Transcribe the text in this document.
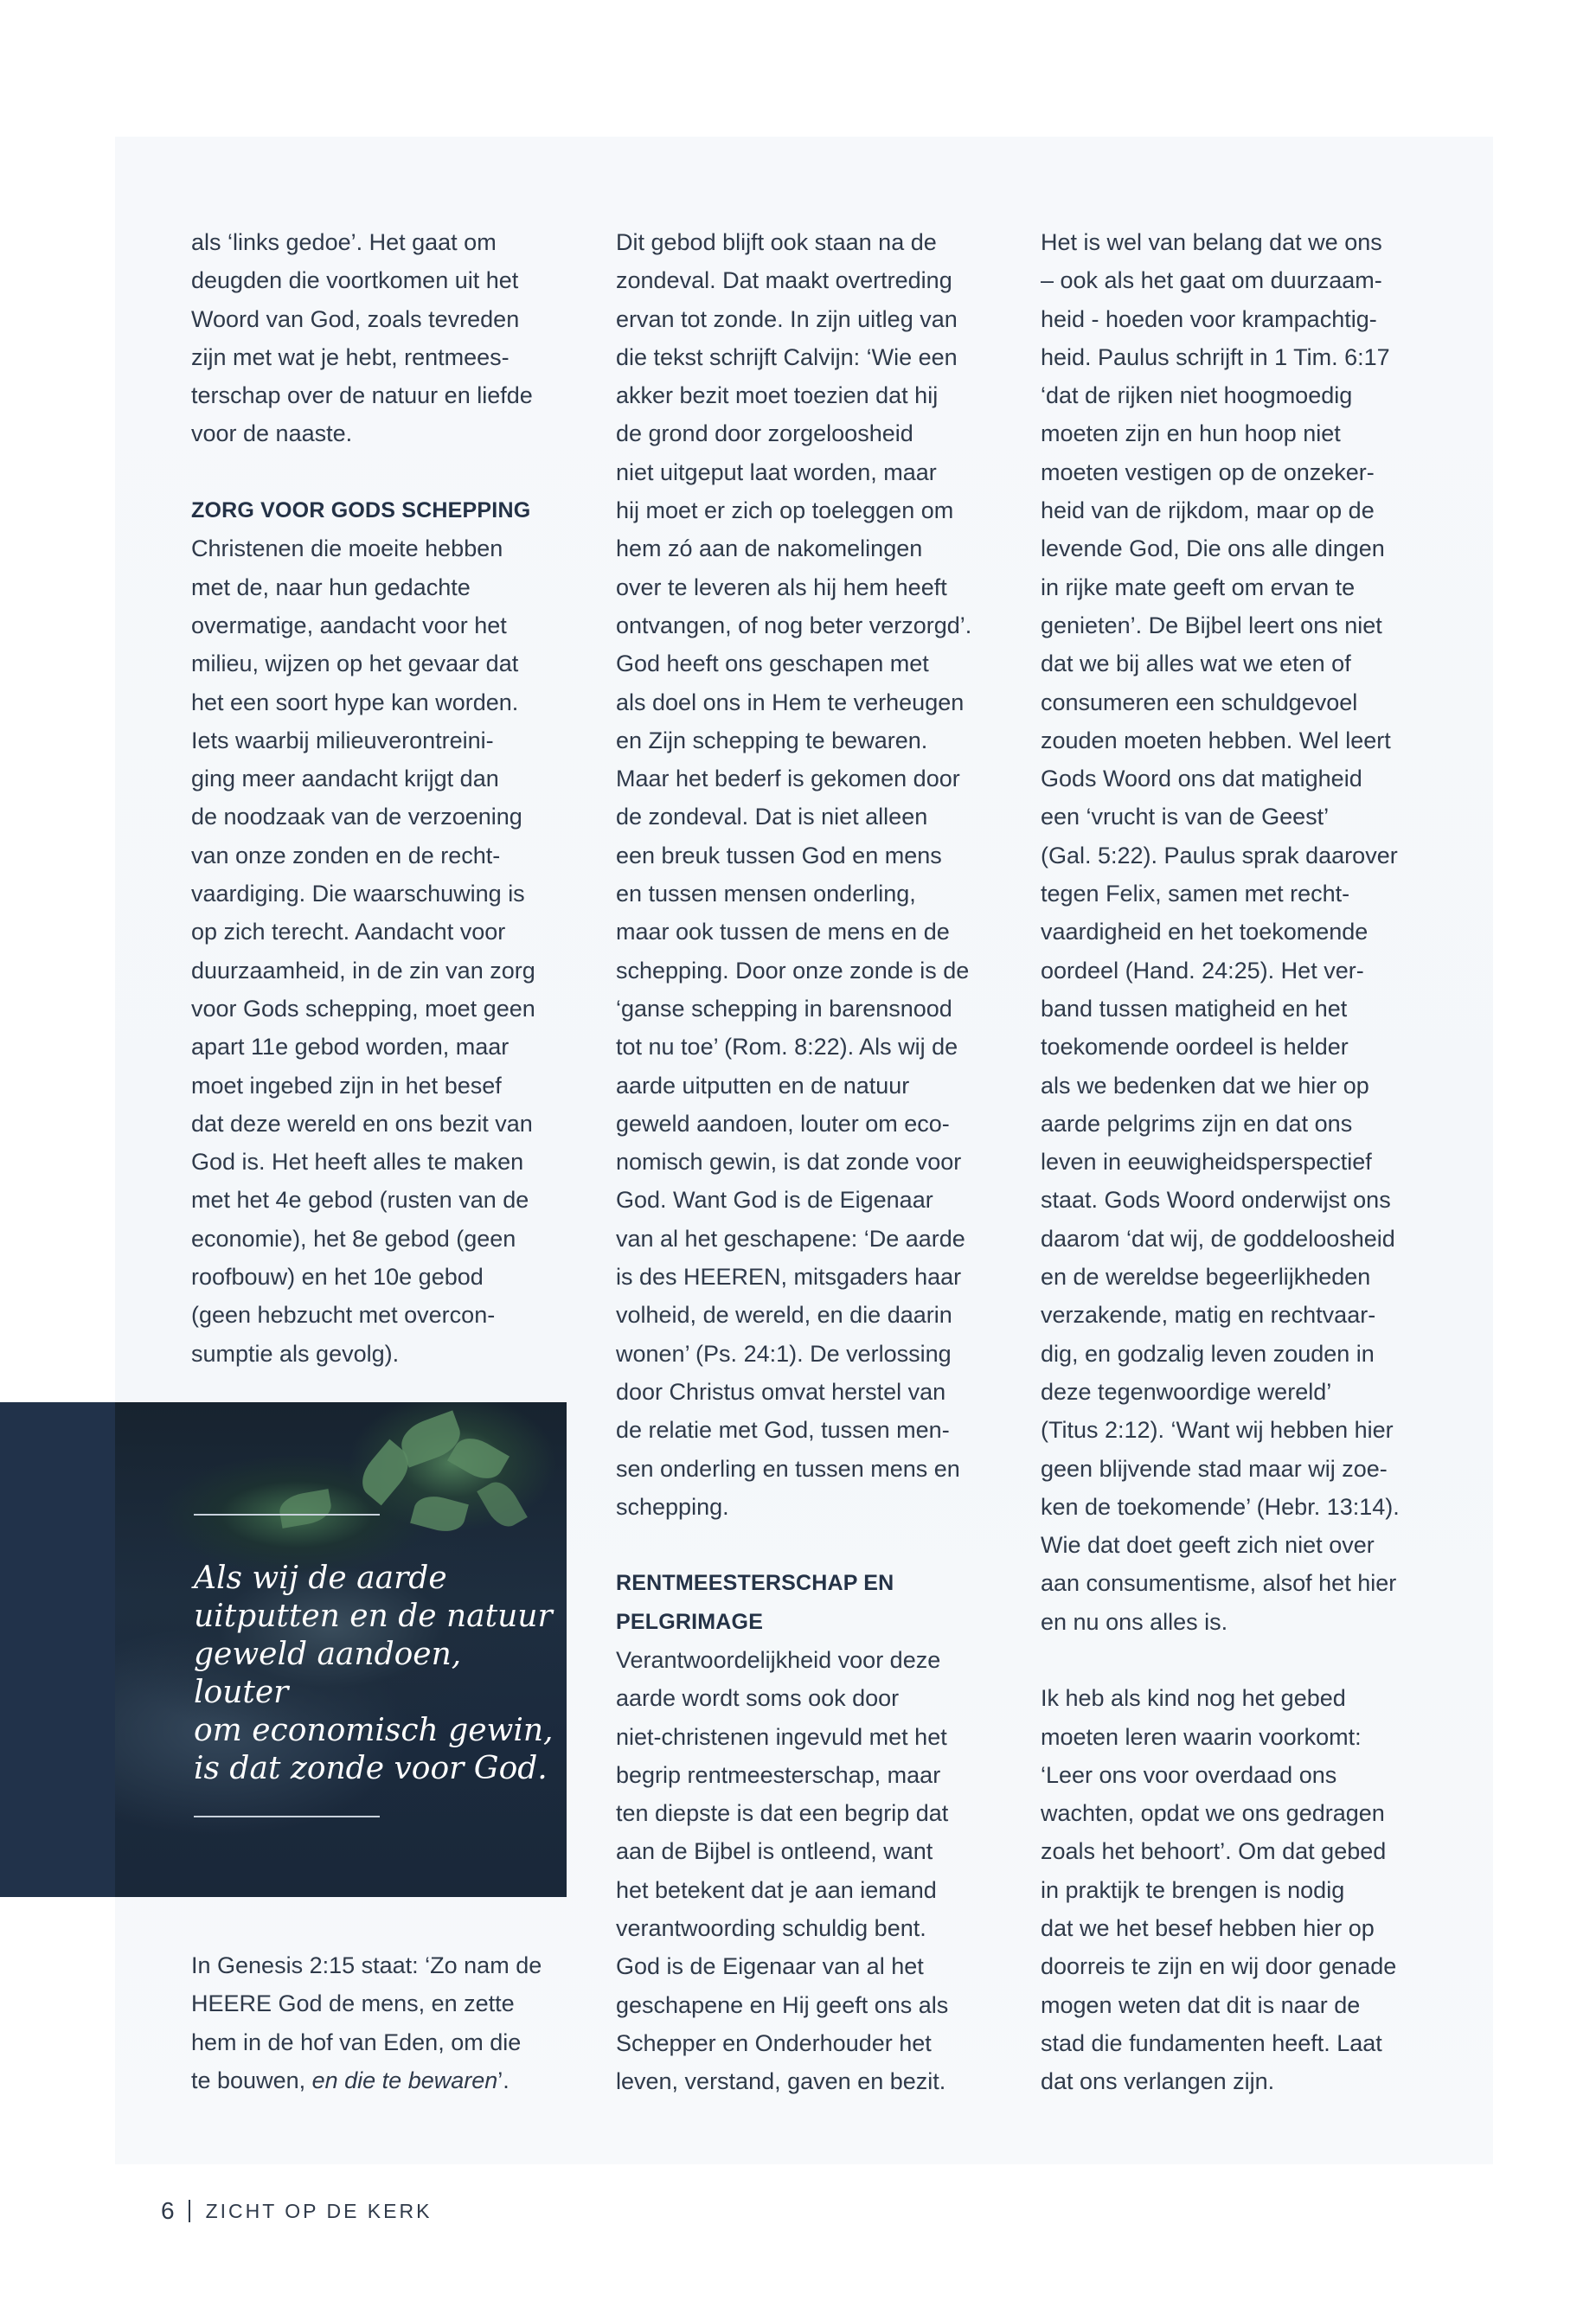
als ‘links gedoe’. Het gaat om

deugden die voortkomen uit het

Woord van God, zoals tevreden

zijn met wat je hebt, rentmees-

terschap over de natuur en liefde

voor de naaste.

ZORG VOOR GODS SCHEPPING

Christenen die moeite hebben

met de, naar hun gedachte

overmatige, aandacht voor het

milieu, wijzen op het gevaar dat

het een soort hype kan worden.

Iets waarbij milieuverontreini-

ging meer aandacht krijgt dan

de noodzaak van de verzoening

van onze zonden en de recht-

vaardiging. Die waarschuwing is

op zich terecht. Aandacht voor

duurzaamheid, in de zin van zorg

voor Gods schepping, moet geen

apart 11e gebod worden, maar

moet ingebed zijn in het besef

dat deze wereld en ons bezit van

God is. Het heeft alles te maken

met het 4e gebod (rusten van de

economie), het 8e gebod (geen

roofbouw) en het 10e gebod

(geen hebzucht met overcon-

sumptie als gevolg).

Als wij de aarde
uitputten en de natuur
geweld aandoen, louter
om economisch gewin,
is dat zonde voor God.

In Genesis 2:15 staat: ‘Zo nam de

HEERE God de mens, en zette

hem in de hof van Eden, om die

te bouwen, en die te bewaren’.

Dit gebod blijft ook staan na de

zondeval. Dat maakt overtreding

ervan tot zonde. In zijn uitleg van

die tekst schrijft Calvijn: ‘Wie een

akker bezit moet toezien dat hij

de grond door zorgeloosheid

niet uitgeput laat worden, maar

hij moet er zich op toeleggen om

hem zó aan de nakomelingen

over te leveren als hij hem heeft

ontvangen, of nog beter verzorgd’.

God heeft ons geschapen met

als doel ons in Hem te verheugen

en Zijn schepping te bewaren.

Maar het bederf is gekomen door

de zondeval. Dat is niet alleen

een breuk tussen God en mens

en tussen mensen onderling,

maar ook tussen de mens en de

schepping. Door onze zonde is de

‘ganse schepping in barensnood

tot nu toe’ (Rom. 8:22). Als wij de

aarde uitputten en de natuur

geweld aandoen, louter om eco-

nomisch gewin, is dat zonde voor

God. Want God is de Eigenaar

van al het geschapene: ‘De aarde

is des HEEREN, mitsgaders haar

volheid, de wereld, en die daarin

wonen’ (Ps. 24:1). De verlossing

door Christus omvat herstel van

de relatie met God, tussen men-

sen onderling en tussen mens en

schepping.

RENTMEESTERSCHAP EN

PELGRIMAGE

Verantwoordelijkheid voor deze

aarde wordt soms ook door

niet-christenen ingevuld met het

begrip rentmeesterschap, maar

ten diepste is dat een begrip dat

aan de Bijbel is ontleend, want

het betekent dat je aan iemand

verantwoording schuldig bent.

God is de Eigenaar van al het

geschapene en Hij geeft ons als

Schepper en Onderhouder het

leven, verstand, gaven en bezit.

Het is wel van belang dat we ons

– ook als het gaat om duurzaam-

heid - hoeden voor krampachtig-

heid. Paulus schrijft in 1 Tim. 6:17

‘dat de rijken niet hoogmoedig

moeten zijn en hun hoop niet

moeten vestigen op de onzeker-

heid van de rijkdom, maar op de

levende God, Die ons alle dingen

in rijke mate geeft om ervan te

genieten’. De Bijbel leert ons niet

dat we bij alles wat we eten of

consumeren een schuldgevoel

zouden moeten hebben. Wel leert

Gods Woord ons dat matigheid

een ‘vrucht is van de Geest’

(Gal. 5:22). Paulus sprak daarover

tegen Felix, samen met recht-

vaardigheid en het toekomende

oordeel (Hand. 24:25). Het ver-

band tussen matigheid en het

toekomende oordeel is helder

als we bedenken dat we hier op

aarde pelgrims zijn en dat ons

leven in eeuwigheidsperspectief

staat. Gods Woord onderwijst ons

daarom ‘dat wij, de goddeloosheid

en de wereldse begeerlijkheden

verzakende, matig en rechtvaar-

dig, en godzalig leven zouden in

deze tegenwoordige wereld’

(Titus 2:12). ‘Want wij hebben hier

geen blijvende stad maar wij zoe-

ken de toekomende’ (Hebr. 13:14).

Wie dat doet geeft zich niet over

aan consumentisme, alsof het hier

en nu ons alles is.

Ik heb als kind nog het gebed

moeten leren waarin voorkomt:

‘Leer ons voor overdaad ons

wachten, opdat we ons gedragen

zoals het behoort’. Om dat gebed

in praktijk te brengen is nodig

dat we het besef hebben hier op

doorreis te zijn en wij door genade

mogen weten dat dit is naar de

stad die fundamenten heeft. Laat

dat ons verlangen zijn.

6 ZICHT OP DE KERK
